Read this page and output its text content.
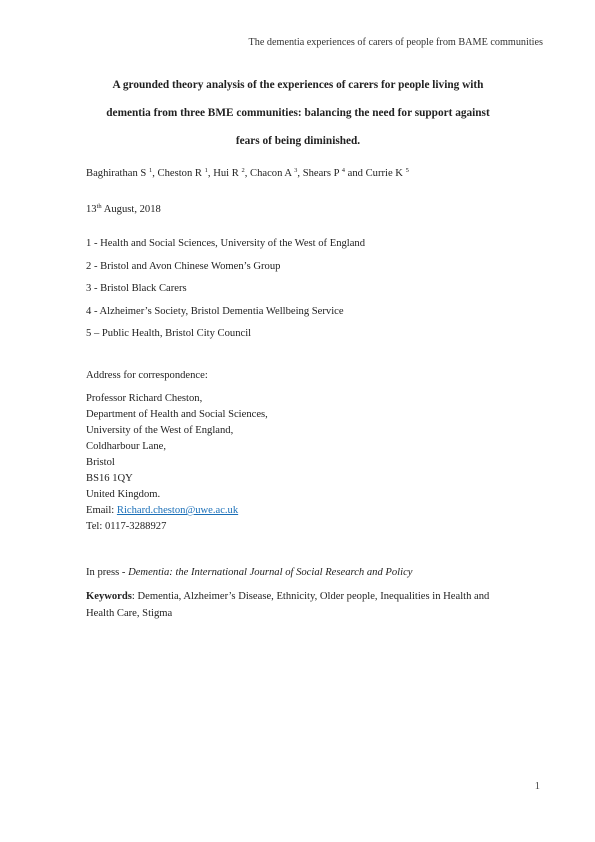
The dementia experiences of carers of people from BAME communities
A grounded theory analysis of the experiences of carers for people living with
dementia from three BME communities: balancing the need for support against
fears of being diminished.
Baghirathan S $^1$, Cheston R $^1$, Hui R $^2$, Chacon A $^3$, Shears P $^4$ and Currie K $^5$
13th August, 2018
1 - Health and Social Sciences, University of the West of England
2 - Bristol and Avon Chinese Women’s Group
3 - Bristol Black Carers
4 - Alzheimer’s Society, Bristol Dementia Wellbeing Service
5 – Public Health, Bristol City Council
Address for correspondence:
Professor Richard Cheston,
Department of Health and Social Sciences,
University of the West of England,
Coldharbour Lane,
Bristol
BS16 1QY
United Kingdom.
Email: Richard.cheston@uwe.ac.uk
Tel: 0117-3288927
In press - Dementia: the International Journal of Social Research and Policy
Keywords: Dementia, Alzheimer’s Disease, Ethnicity, Older people, Inequalities in Health and Health Care, Stigma
1
